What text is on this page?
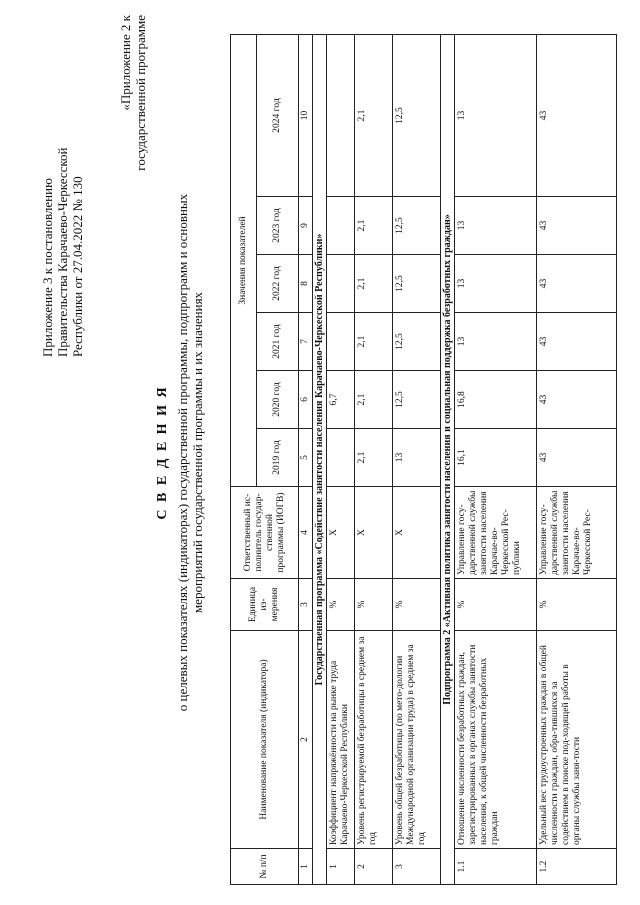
Приложение 3 к постановлению Правительства Карачаево-Черкесской Республики от 27.04.2022 № 130
«Приложение 2 к государственной программе
С В Е Д Е Н И Я о целевых показателях (индикаторах) государственной программы, подпрограмм и основных мероприятий государственной программы и их значениях
№ п/п	Наименование показателя (индикатора)	Единица из-мерения	Ответственный ис-полнитель государ-ственной программы (ИОГВ)	Значения показателей					
				2019 год	2020 год	2021 год	2022 год	2023 год	2024 год
1	2	3	4	5	6	7	8	9	10
Государственная программа «Содействие занятости населения Карачаево-Черкесской Республики»									
1	Коэффициент напряжённости на рынке труда Карачаево-Черкесской Республики	%	Х		6,7				
2	Уровень регистрируемой безработицы в среднем за год	%	Х	2,1	2,1	2,1	2,1	2,1	2,1
3	Уровень общей безработицы (по мето-дологии Международной организации труда) в среднем за год	%	Х	13	12,5	12,5	12,5	12,5	12,5
Подпрограмма 2 «Активная политика занятости населения и социальная поддержка безработных граждан»									
1.1	Отношение численности безработных граждан, зарегистрированных в органах службы занятости населения, к общей численности безработных граждан	%	Управление госу-дарственной службы занятости населения Карачае-во-Черкесской Рес-публики	16,1	16,8	13	13	13	13
1.2	Удельный вес трудоустроенных граждан в общей численности граждан, обра-тившихся за содействием в поиске под-ходящей работы в органы службы заня-тости	%	Управление госу-дарственной службы занятости населения Карачае-во-Черкесской Рес-	43	43	43	43	43	43
